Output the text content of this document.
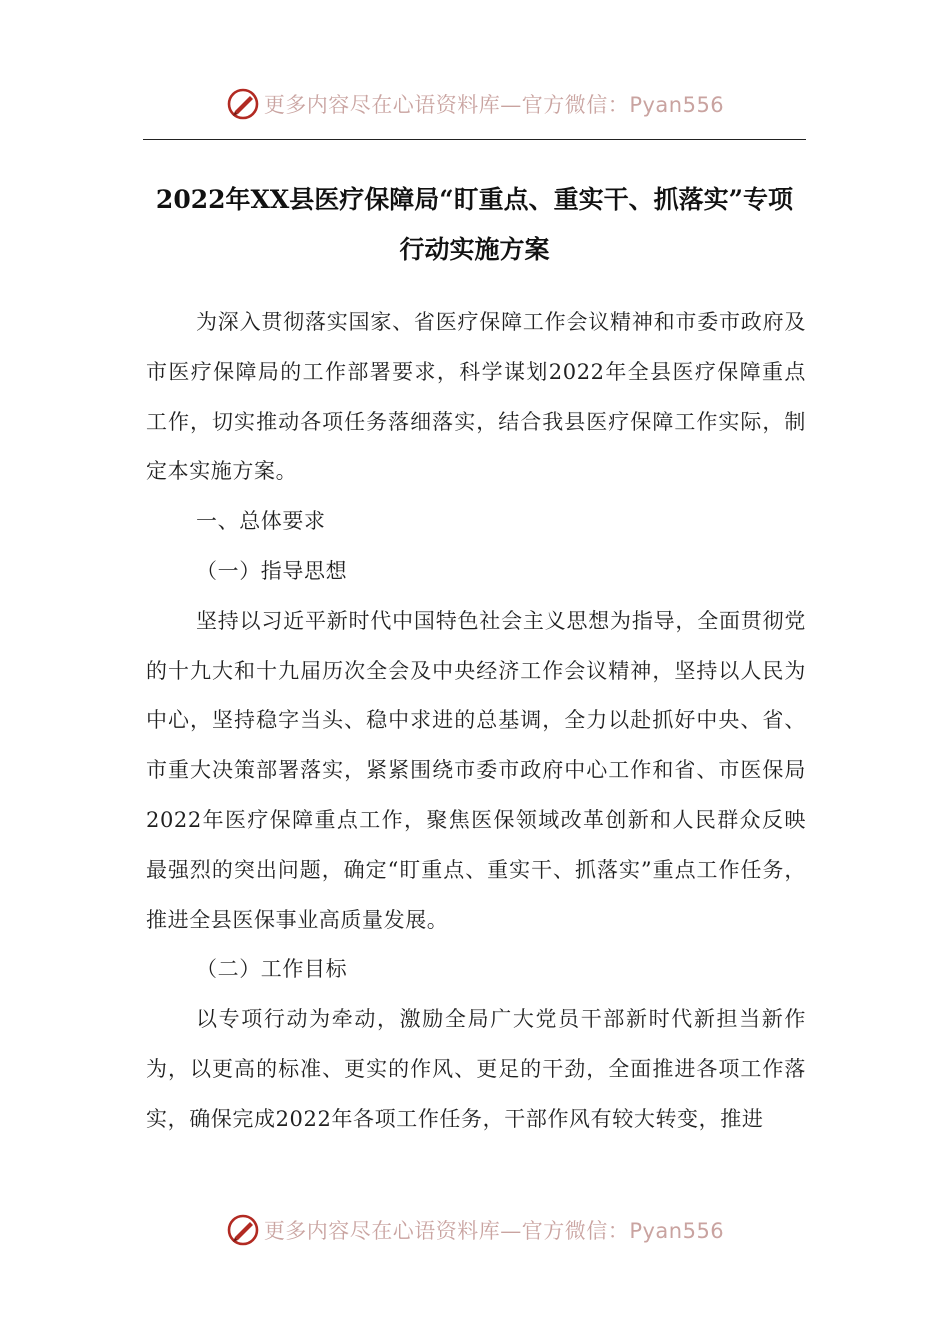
更多内容尽在心语资料库—官方微信：Pyan556
2022年XX县医疗保障局“盯重点、重实干、抓落实”专项
行动实施方案

为深入贯彻落实国家、省医疗保障工作会议精神和市委市政府及市医疗保障局的工作部署要求，科学谋划2022年全县医疗保障重点工作，切实推动各项任务落细落实，结合我县医疗保障工作实际，制定本实施方案。

一、总体要求

（一）指导思想

坚持以习近平新时代中国特色社会主义思想为指导，全面贯彻党的十九大和十九届历次全会及中央经济工作会议精神，坚持以人民为中心，坚持稳字当头、稳中求进的总基调，全力以赴抓好中央、省、市重大决策部署落实，紧紧围绕市委市政府中心工作和省、市医保局2022年医疗保障重点工作，聚焦医保领域改革创新和人民群众反映最强烈的突出问题，确定“盯重点、重实干、抓落实”重点工作任务，推进全县医保事业高质量发展。

（二）工作目标

以专项行动为牵动，激励全局广大党员干部新时代新担当新作为，以更高的标准、更实的作风、更足的干劲，全面推进各项工作落实，确保完成2022年各项工作任务，干部作风有较大转变，推进

更多内容尽在心语资料库—官方微信：Pyan556
